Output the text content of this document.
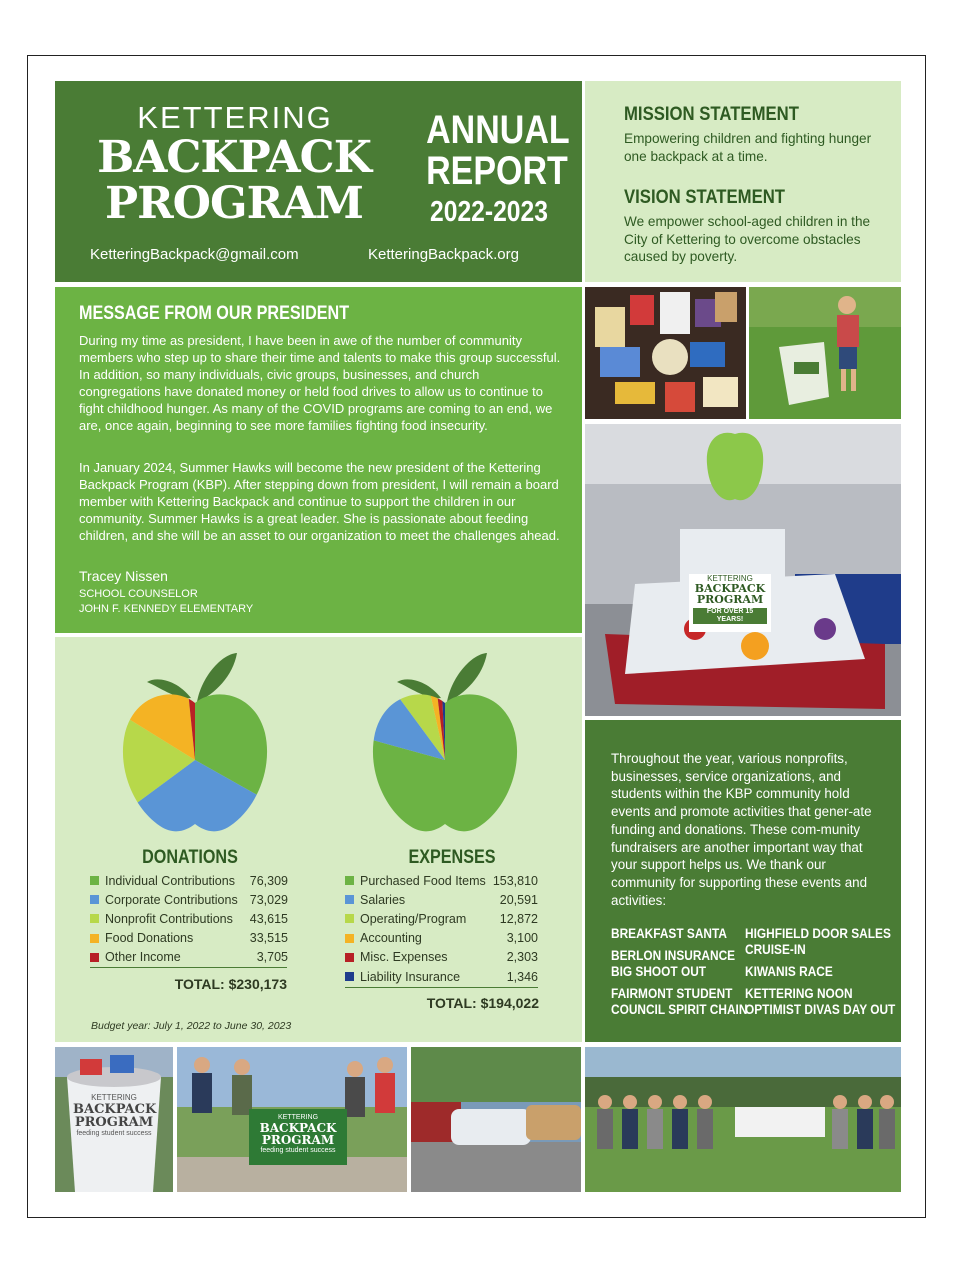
KETTERING
BACKPACK
PROGRAM
ANNUAL
REPORT
2022-2023
KetteringBackpack@gmail.com	KetteringBackpack.org
MISSION STATEMENT
Empowering children and fighting hunger one backpack at a time.
VISION STATEMENT
We empower school-aged children in the City of Kettering to overcome obstacles caused by poverty.
MESSAGE FROM OUR PRESIDENT
During my time as president, I have been in awe of the number of community members who step up to share their time and talents to make this group successful. In addition, so many individuals, civic groups, businesses, and church congregations have donated money or held food drives to allow us to continue to fight childhood hunger. As many of the COVID programs are coming to an end, we are, once again, beginning to see more families fighting food insecurity.
In January 2024, Summer Hawks will become the new president of the Kettering Backpack Program (KBP). After stepping down from president, I will remain a board member with Kettering Backpack and continue to support the children in our community. Summer Hawks is a great leader. She is passionate about feeding children, and she will be an asset to our organization to meet the challenges ahead.
Tracey Nissen
SCHOOL COUNSELOR
JOHN F. KENNEDY ELEMENTARY
DONATIONS	EXPENSES
Individual Contributions	76,309
Corporate Contributions 73,029
Nonprofit Contributions	43,615
Food Donations	33,515
Other Income	3,705
Purchased Food Items 153,810
Salaries	20,591
Operating/Program	12,872
Accounting	3,100
Misc. Expenses	2,303
Liability Insurance	1,346
TOTAL: $230,173
TOTAL: $194,022
Budget year: July 1, 2022 to June 30, 2023
Throughout the year, various nonprofits, businesses, service organizations, and students within the KBP community hold events and promote activities that gener-ate funding and donations. These com-munity fundraisers are another important way that your support helps us. We thank our community for supporting these events and activities:
BREAKFAST SANTA
BERLON INSURANCE
BIG SHOOT OUT
FAIRMONT STUDENT
COUNCIL SPIRIT CHAIN
HIGHFIELD DOOR SALES
CRUISE-IN
KIWANIS RACE
KETTERING NOON
OPTIMIST DIVAS DAY OUT
KETTERING
BACKPACK
PROGRAM
FOR OVER 15 YEARS!
KETTERING
BACKPACK
PROGRAM
feeding student success
KETTERING
BACKPACK
PROGRAM
feeding student success
